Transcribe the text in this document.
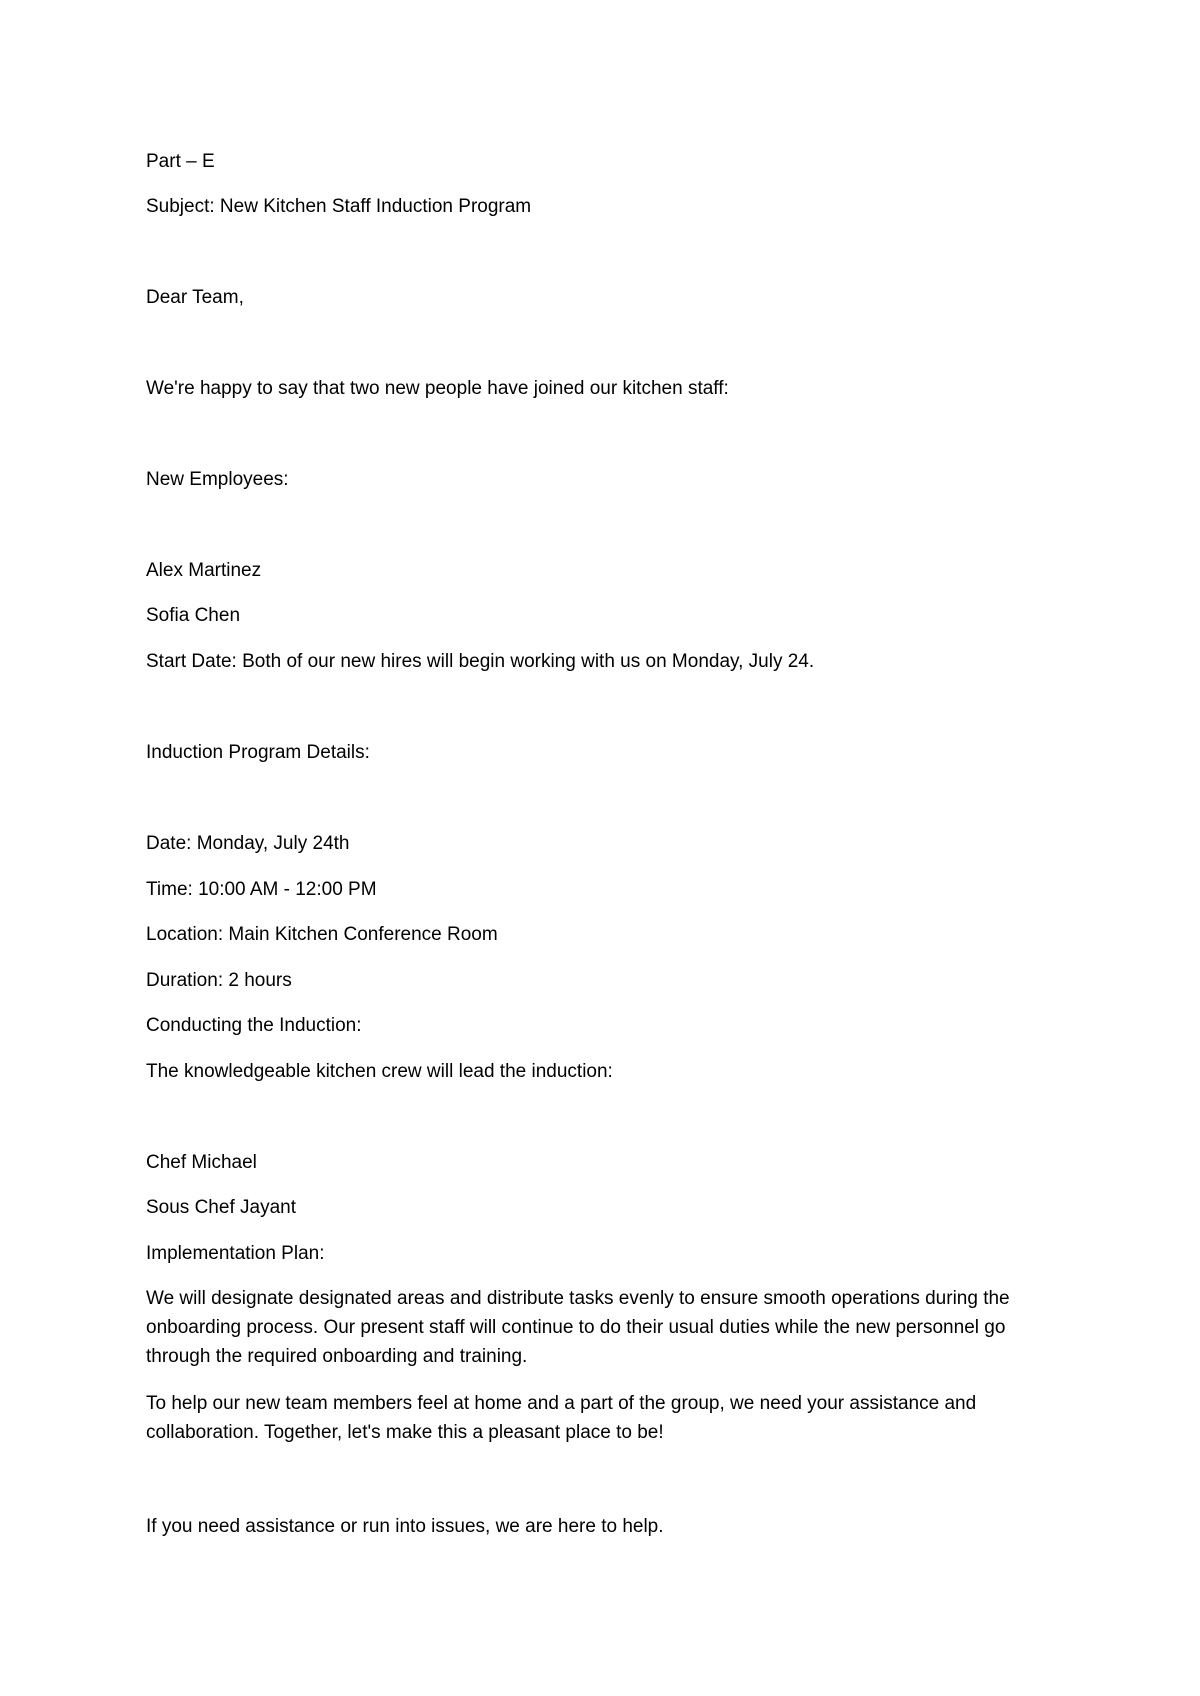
Part – E

Subject: New Kitchen Staff Induction Program

Dear Team,

We're happy to say that two new people have joined our kitchen staff:

New Employees:

Alex Martinez

Sofia Chen

Start Date: Both of our new hires will begin working with us on Monday, July 24.

Induction Program Details:

Date: Monday, July 24th

Time: 10:00 AM - 12:00 PM

Location: Main Kitchen Conference Room

Duration: 2 hours

Conducting the Induction:

The knowledgeable kitchen crew will lead the induction:

Chef Michael

Sous Chef Jayant

Implementation Plan:

We will designate designated areas and distribute tasks evenly to ensure smooth operations during the onboarding process. Our present staff will continue to do their usual duties while the new personnel go through the required onboarding and training.

To help our new team members feel at home and a part of the group, we need your assistance and collaboration. Together, let's make this a pleasant place to be!

If you need assistance or run into issues, we are here to help.
